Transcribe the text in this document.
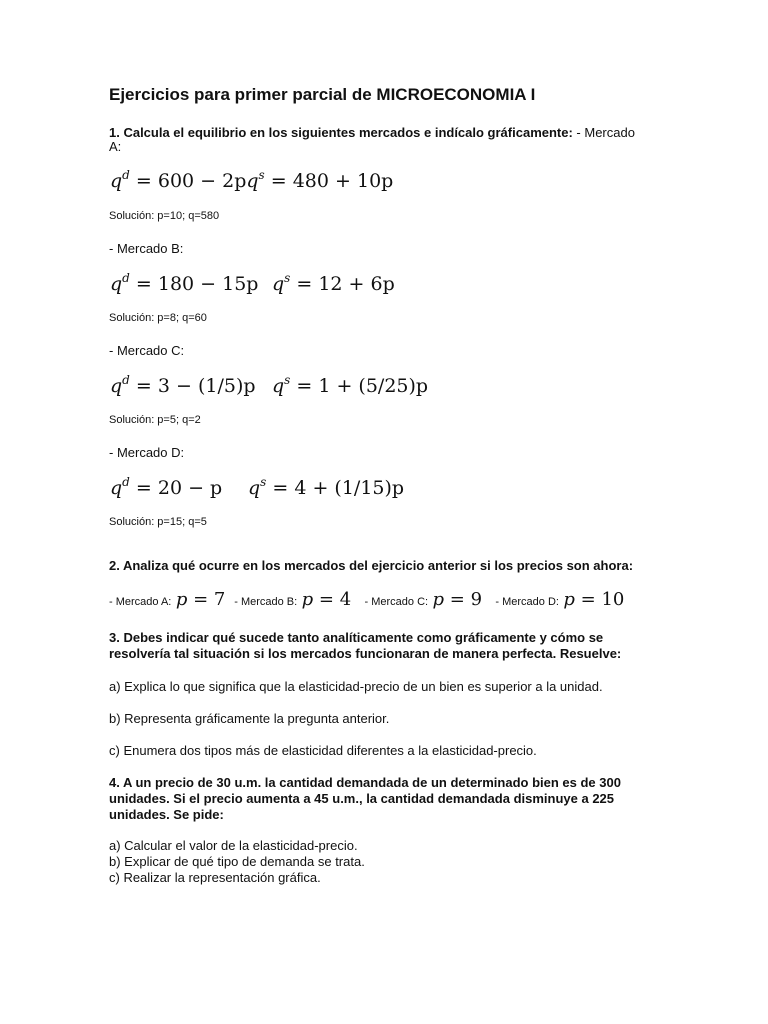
Ejercicios para primer parcial de MICROECONOMIA I
1. Calcula el equilibrio en los siguientes mercados e indícalo gráficamente: - Mercado
A:
$q^d = 600 - 2pq^s = 480 + 10p$
Solución: p=10; q=580
- Mercado B:
$q^d = 180 - 15p$ $q^s = 12 + 6p$
Solución: p=8; q=60
- Mercado C:
$q^d = 3 - (1/5)p$ $q^s = 1 + (5/25)p$
Solución: p=5; q=2
- Mercado D:
$q^d = 20 - p$ $q^s = 4 + (1/15)p$
Solución: p=15; q=5
2. Analiza qué ocurre en los mercados del ejercicio anterior si los precios son ahora:
- Mercado A: p = 7 - Mercado B: p = 4 - Mercado C: p = 9 - Mercado D: p = 10
3. Debes indicar qué sucede tanto analíticamente como gráficamente y cómo se
resolvería tal situación si los mercados funcionaran de manera perfecta. Resuelve:
a) Explica lo que significa que la elasticidad-precio de un bien es superior a la unidad.
b) Representa gráficamente la pregunta anterior.
c) Enumera dos tipos más de elasticidad diferentes a la elasticidad-precio.
4. A un precio de 30 u.m. la cantidad demandada de un determinado bien es de 300
unidades. Si el precio aumenta a 45 u.m., la cantidad demandada disminuye a 225
unidades. Se pide:
a) Calcular el valor de la elasticidad-precio.
b) Explicar de qué tipo de demanda se trata.
c) Realizar la representación gráfica.
